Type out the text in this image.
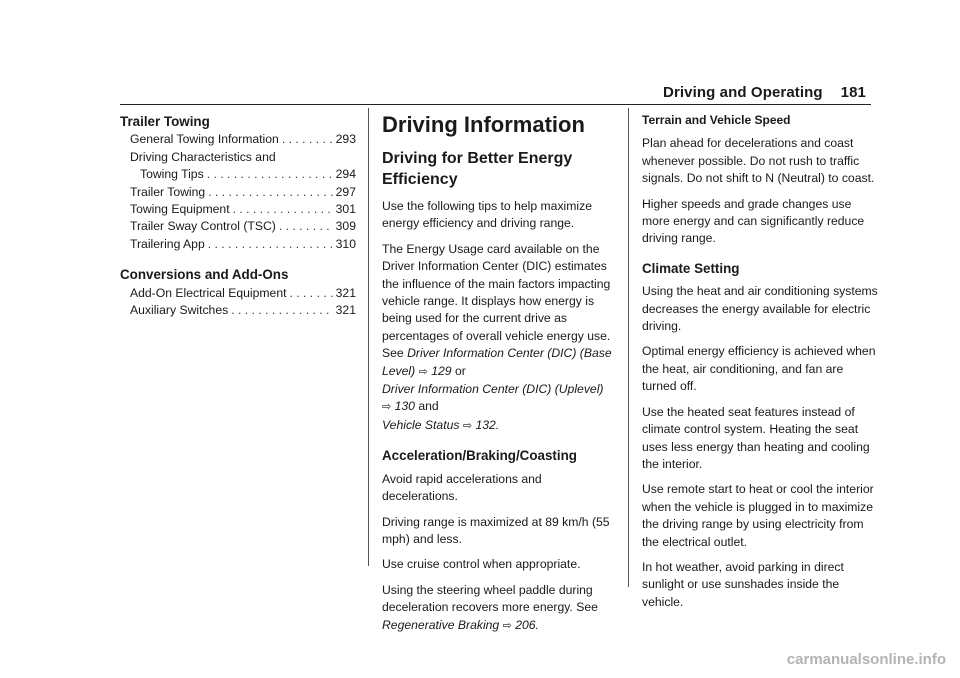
Driving and Operating 181
Trailer Towing
General Towing Information . . .	293
Driving Characteristics and
Towing Tips . . .	294
Trailer Towing . . .	297
Towing Equipment . . .	301
Trailer Sway Control (TSC) . . .	309
Trailering App . . .	310
Conversions and Add-Ons
Add-On Electrical Equipment . . .	321
Auxiliary Switches . . .	321
Driving Information
Driving for Better Energy Efficiency

Use the following tips to help maximize energy efficiency and driving range.

The Energy Usage card available on the Driver Information Center (DIC) estimates the influence of the main factors impacting vehicle range. It displays how energy is being used for the current drive as percentages of overall vehicle energy use. See Driver Information Center (DIC) (Base Level) ⇨ 129 or
Driver Information Center (DIC) (Uplevel)
⇨ 130 and
Vehicle Status ⇨ 132.

Acceleration/Braking/Coasting

Avoid rapid accelerations and decelerations.

Driving range is maximized at 89 km/h (55 mph) and less.

Use cruise control when appropriate.

Using the steering wheel paddle during deceleration recovers more energy. See
Regenerative Braking ⇨ 206.

Terrain and Vehicle Speed

Plan ahead for decelerations and coast whenever possible. Do not rush to traffic signals. Do not shift to N (Neutral) to coast.

Higher speeds and grade changes use more energy and can significantly reduce driving range.

Climate Setting

Using the heat and air conditioning systems decreases the energy available for electric driving.

Optimal energy efficiency is achieved when the heat, air conditioning, and fan are turned off.

Use the heated seat features instead of climate control system. Heating the seat uses less energy than heating and cooling the interior.

Use remote start to heat or cool the interior when the vehicle is plugged in to maximize the driving range by using electricity from the electrical outlet.

In hot weather, avoid parking in direct sunlight or use sunshades inside the vehicle.

carmanualsonline.info
